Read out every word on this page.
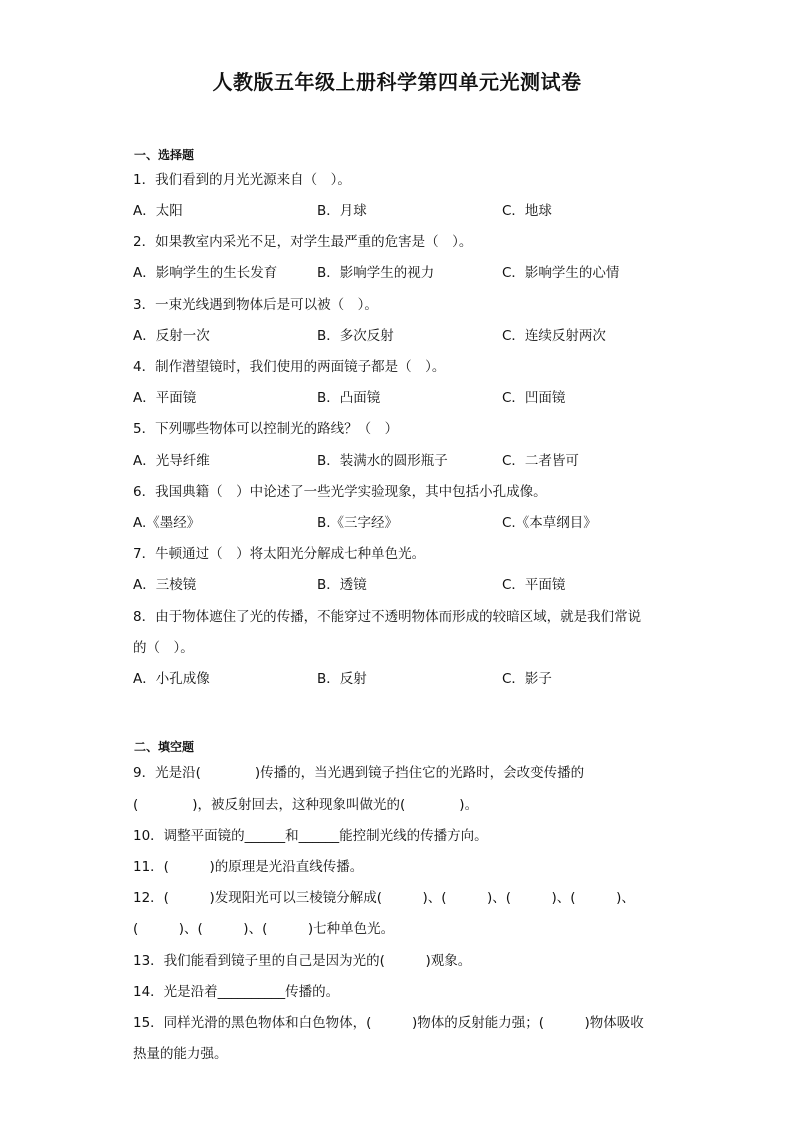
人教版五年级上册科学第四单元光测试卷
一、选择题
1．我们看到的月光光源来自（　）。
A．太阳	B．月球	C．地球
2．如果教室内采光不足，对学生最严重的危害是（　）。
A．影响学生的生长发育	B．影响学生的视力	C．影响学生的心情
3．一束光线遇到物体后是可以被（　）。
A．反射一次	B．多次反射	C．连续反射两次
4．制作潜望镜时，我们使用的两面镜子都是（　）。
A．平面镜	B．凸面镜	C．凹面镜
5．下列哪些物体可以控制光的路线？（　）
A．光导纤维	B．装满水的圆形瓶子	C．二者皆可
6．我国典籍（　）中论述了一些光学实验现象，其中包括小孔成像。
A.《墨经》	B.《三字经》	C.《本草纲目》
7．牛顿通过（　）将太阳光分解成七种单色光。
A．三棱镜	B．透镜	C．平面镜
8．由于物体遮住了光的传播，不能穿过不透明物体而形成的较暗区域，就是我们常说
的（　）。
A．小孔成像	B．反射	C．影子
二、填空题
9．光是沿(　　　　)传播的，当光遇到镜子挡住它的光路时，会改变传播的
(　　　　)，被反射回去，这种现象叫做光的(　　　　)。
10．调整平面镜的______和______能控制光线的传播方向。
11．(　　　)的原理是光沿直线传播。
12．(　　　)发现阳光可以三棱镜分解成(　　　)、(　　　)、(　　　)、(　　　)、
(　　　)、(　　　)、(　　　)七种单色光。
13．我们能看到镜子里的自己是因为光的(　　　)观象。
14．光是沿着__________传播的。
15．同样光滑的黑色物体和白色物体，(　　　)物体的反射能力强；(　　　)物体吸收
热量的能力强。
